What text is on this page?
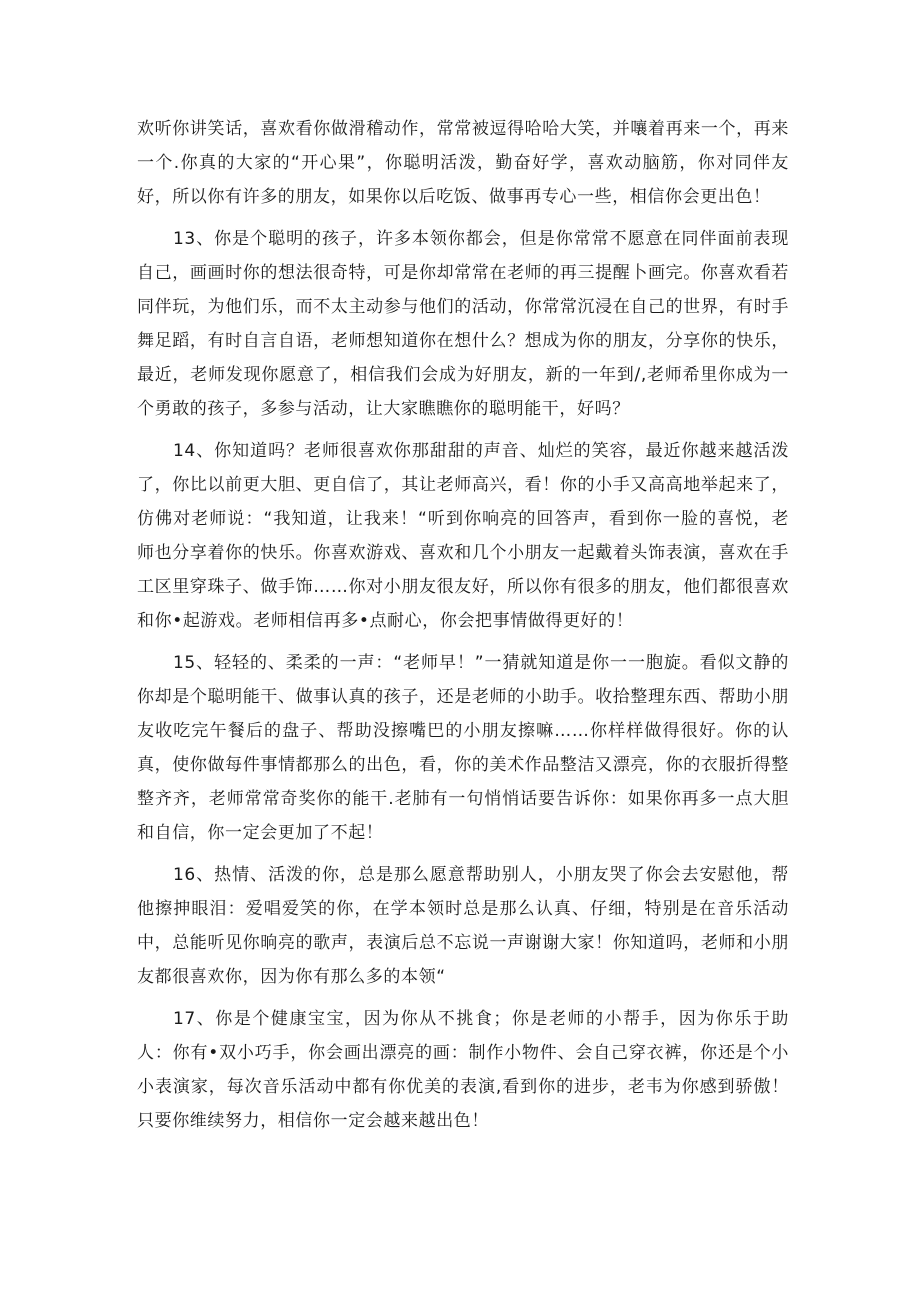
欢听你讲笑话，喜欢看你做滑稽动作，常常被逗得哈哈大笑，并嚷着再来一个，再来一个.你真的大家的“开心果”，你聪明活泼，勤奋好学，喜欢动脑筋，你对同伴友好，所以你有许多的朋友，如果你以后吃饭、做事再专心一些，相信你会更出色！

13、你是个聪明的孩子，许多本领你都会，但是你常常不愿意在同伴面前表现自己，画画时你的想法很奇特，可是你却常常在老师的再三提醒卜画完。你喜欢看若同伴玩，为他们乐，而不太主动参与他们的活动，你常常沉浸在自己的世界，有时手舞足蹈，有时自言自语，老师想知道你在想什么？想成为你的朋友，分享你的快乐，最近，老师发现你愿意了，相信我们会成为好朋友，新的一年到/,老师希里你成为一个勇敢的孩子，多参与活动，让大家瞧瞧你的聪明能干，好吗？

14、你知道吗？老师很喜欢你那甜甜的声音、灿烂的笑容，最近你越来越活泼了，你比以前更大胆、更自信了，其让老师高兴，看！你的小手又高高地举起来了，仿佛对老师说：“我知道，让我来！“听到你响亮的回答声，看到你一脸的喜悦，老师也分享着你的快乐。你喜欢游戏、喜欢和几个小朋友一起戴着头饰表演，喜欢在手工区里穿珠子、做手饰……你对小朋友很友好，所以你有很多的朋友，他们都很喜欢和你•起游戏。老师相信再多•点耐心，你会把事情做得更好的！

15、轻轻的、柔柔的一声：“老师早！”一猜就知道是你一一胞旋。看似文静的你却是个聪明能干、做事认真的孩子，还是老师的小助手。收拾整理东西、帮助小朋友收吃完午餐后的盘子、帮助没擦嘴巴的小朋友擦嘛……你样样做得很好。你的认真，使你做每件事情都那么的出色，看，你的美术作品整洁又漂亮，你的衣服折得整整齐齐，老师常常奇奖你的能干.老肺有一句悄悄话要告诉你：如果你再多一点大胆和自信，你一定会更加了不起！

16、热情、活泼的你，总是那么愿意帮助别人，小朋友哭了你会去安慰他，帮他擦抻眼泪：爱唱爱笑的你，在学本领时总是那么认真、仔细，特别是在音乐活动中，总能听见你晌亮的歌声，表演后总不忘说一声谢谢大家！你知道吗，老师和小朋友都很喜欢你，因为你有那么多的本领“

17、你是个健康宝宝，因为你从不挑食；你是老师的小帮手，因为你乐于助人：你有•双小巧手，你会画出漂亮的画：制作小物件、会自己穿衣裤，你还是个小小表演家，每次音乐活动中都有你优美的表演,看到你的进步，老韦为你感到骄傲！只要你维续努力，相信你一定会越来越出色！
